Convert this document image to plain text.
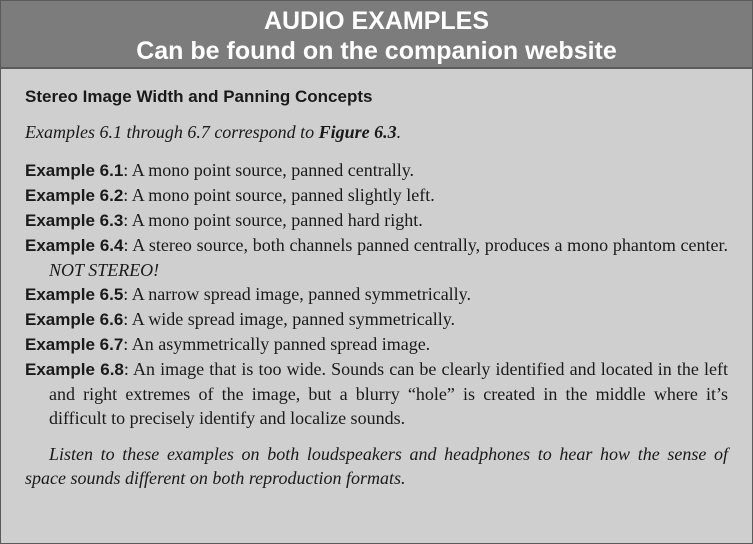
AUDIO EXAMPLES
Can be found on the companion website
Stereo Image Width and Panning Concepts

Examples 6.1 through 6.7 correspond to Figure 6.3.

Example 6.1: A mono point source, panned centrally.
Example 6.2: A mono point source, panned slightly left.
Example 6.3: A mono point source, panned hard right.
Example 6.4: A stereo source, both channels panned centrally, produces a mono phantom center. NOT STEREO!
Example 6.5: A narrow spread image, panned symmetrically.
Example 6.6: A wide spread image, panned symmetrically.
Example 6.7: An asymmetrically panned spread image.
Example 6.8: An image that is too wide. Sounds can be clearly identified and located in the left and right extremes of the image, but a blurry “hole” is created in the middle where it’s difficult to precisely identify and localize sounds.

Listen to these examples on both loudspeakers and headphones to hear how the sense of space sounds different on both reproduction formats.
